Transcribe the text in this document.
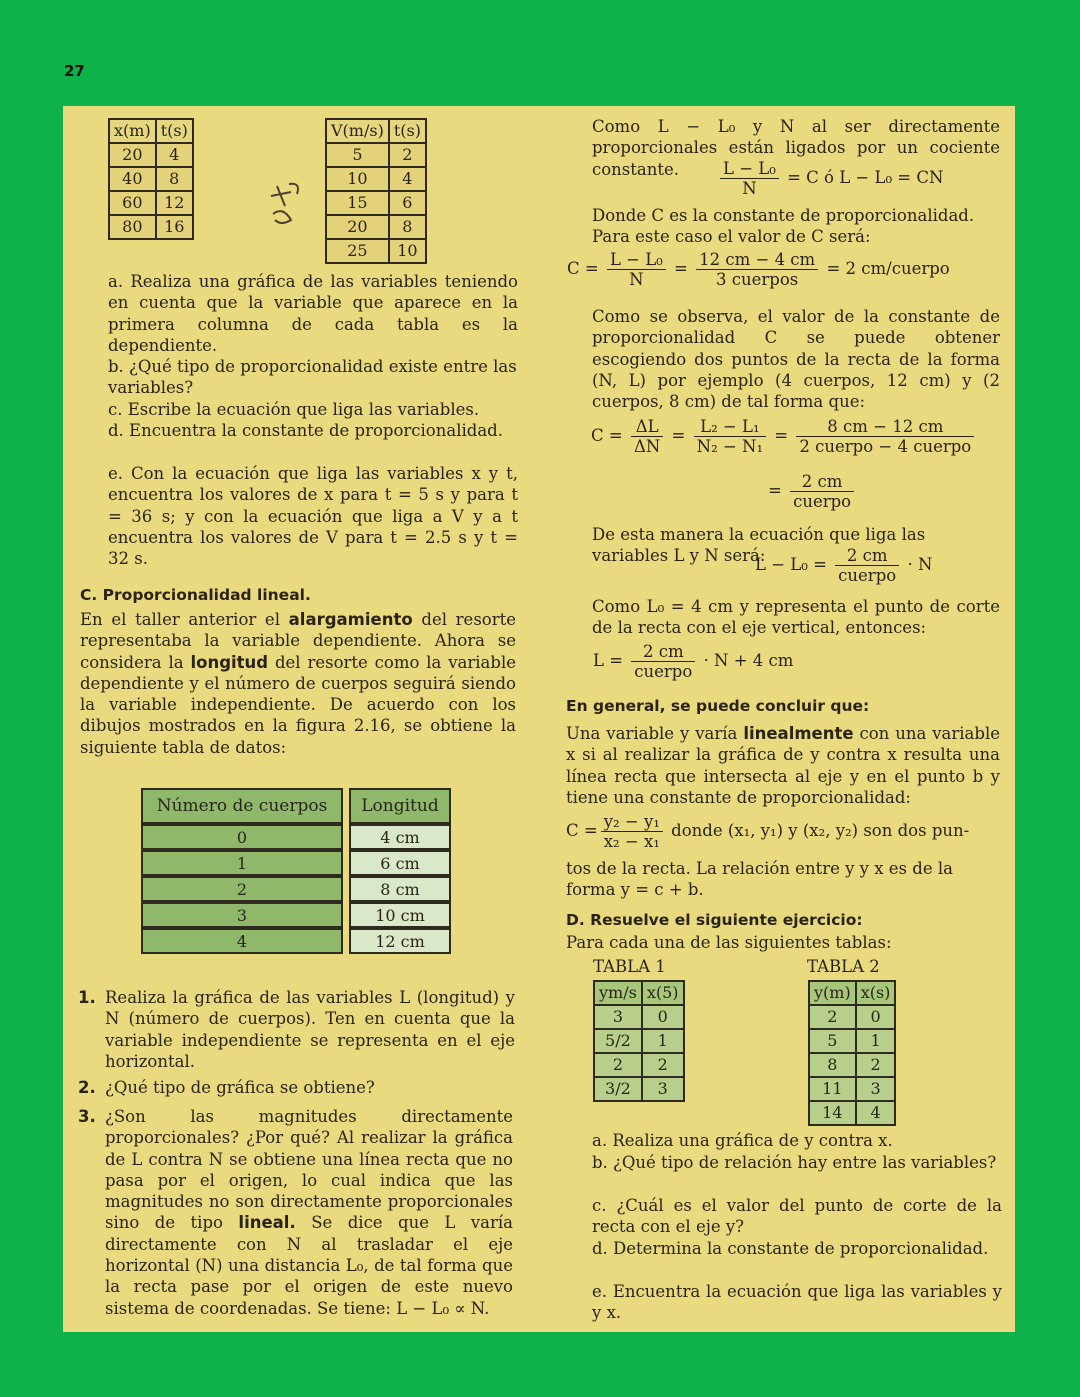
27
x(m)	t(s)
20	4
40	8
60	12
80	16
V(m/s)	t(s)
5	2
10	4
15	6
20	8
25	10
a. Realiza una gráfica de las variables teniendo en cuenta que la variable que aparece en la primera columna de cada tabla es la dependiente.
b. ¿Qué tipo de proporcionalidad existe entre las variables?
c. Escribe la ecuación que liga las variables.
d. Encuentra la constante de proporcionalidad.
e. Con la ecuación que liga las variables x y t, encuentra los valores de x para t = 5 s y para t = 36 s; y con la ecuación que liga a V y a t encuentra los valores de V para t = 2.5 s y t = 32 s.
C. Proporcionalidad lineal.
En el taller anterior el alargamiento del resorte representaba la variable dependiente. Ahora se considera la longitud del resorte como la variable dependiente y el número de cuerpos seguirá siendo la variable independiente. De acuerdo con los dibujos mostrados en la figura 2.16, se obtiene la siguiente tabla de datos:
Número de cuerpos		Longitud
0		4 cm
1		6 cm
2		8 cm
3		10 cm
4		12 cm
1. Realiza la gráfica de las variables L (longitud) y N (número de cuerpos). Ten en cuenta que la variable independiente se representa en el eje horizontal.
2. ¿Qué tipo de gráfica se obtiene?
3. ¿Son las magnitudes directamente proporcionales? ¿Por qué? Al realizar la gráfica de L contra N se obtiene una línea recta que no pasa por el origen, lo cual indica que las magnitudes no son directamente proporcionales sino de tipo lineal. Se dice que L varía directamente con N al trasladar el eje horizontal (N) una distancia L₀, de tal forma que la recta pase por el origen de este nuevo sistema de coordenadas. Se tiene: L − L₀ ∝ N.
Como L − L₀ y N al ser directamente proporcionales están ligados por un cociente constante.	$\frac{\text{L − L₀}}{N} = C$ ó L − L₀ = CN
Donde C es la constante de proporcionalidad. Para este caso el valor de C será:
$C = \frac{\text{L − L₀}}{N} = \frac{12 cm - 4 cm}{\text{3 cuerpos}} = 2$ cm/cuerpo
Como se observa, el valor de la constante de proporcionalidad C se puede obtener escogiendo dos puntos de la recta de la forma (N, L) por ejemplo (4 cuerpos, 12 cm) y (2 cuerpos, 8 cm) de tal forma que:
$C = \frac{\Delta L}{\Delta N} = \frac{\text{L₂ − L₁}}{\text{N₂ − N₁}} = \frac{8 cm - 12 cm}{\text{2 cuerpo − 4 cuerpo}}$
= $\frac{2 cm}{\text{cuerpo}}$
De esta manera la ecuación que liga las variables L y N será:
$L - L_0 = \frac{2 cm}{\text{cuerpo}} \cdot N$
Como L₀ = 4 cm y representa el punto de corte de la recta con el eje vertical, entonces:
$L = \frac{2 cm}{\text{cuerpo}} \cdot N + 4$ cm
En general, se puede concluir que:
Una variable y varía linealmente con una variable x si al realizar la gráfica de y contra x resulta una línea recta que intersecta al eje y en el punto b y tiene una constante de proporcionalidad:
$C = \frac{\text{y₂ − y₁}}{\text{x₂ − x₁}}$ donde (x₁, y₁) y (x₂, y₂) son dos pun-
tos de la recta. La relación entre y y x es de la forma y = c + b.
D. Resuelve el siguiente ejercicio:
Para cada una de las siguientes tablas:
TABLA 1	TABLA 2
ym/s	x(5)
3	0
5/2	1
2	2
3/2	3
y(m)	x(s)
2	0
5	1
8	2
11	3
14	4
a. Realiza una gráfica de y contra x.
b. ¿Qué tipo de relación hay entre las variables?
c. ¿Cuál es el valor del punto de corte de la recta con el eje y?
d. Determina la constante de proporcionalidad.
e. Encuentra la ecuación que liga las variables y y x.
